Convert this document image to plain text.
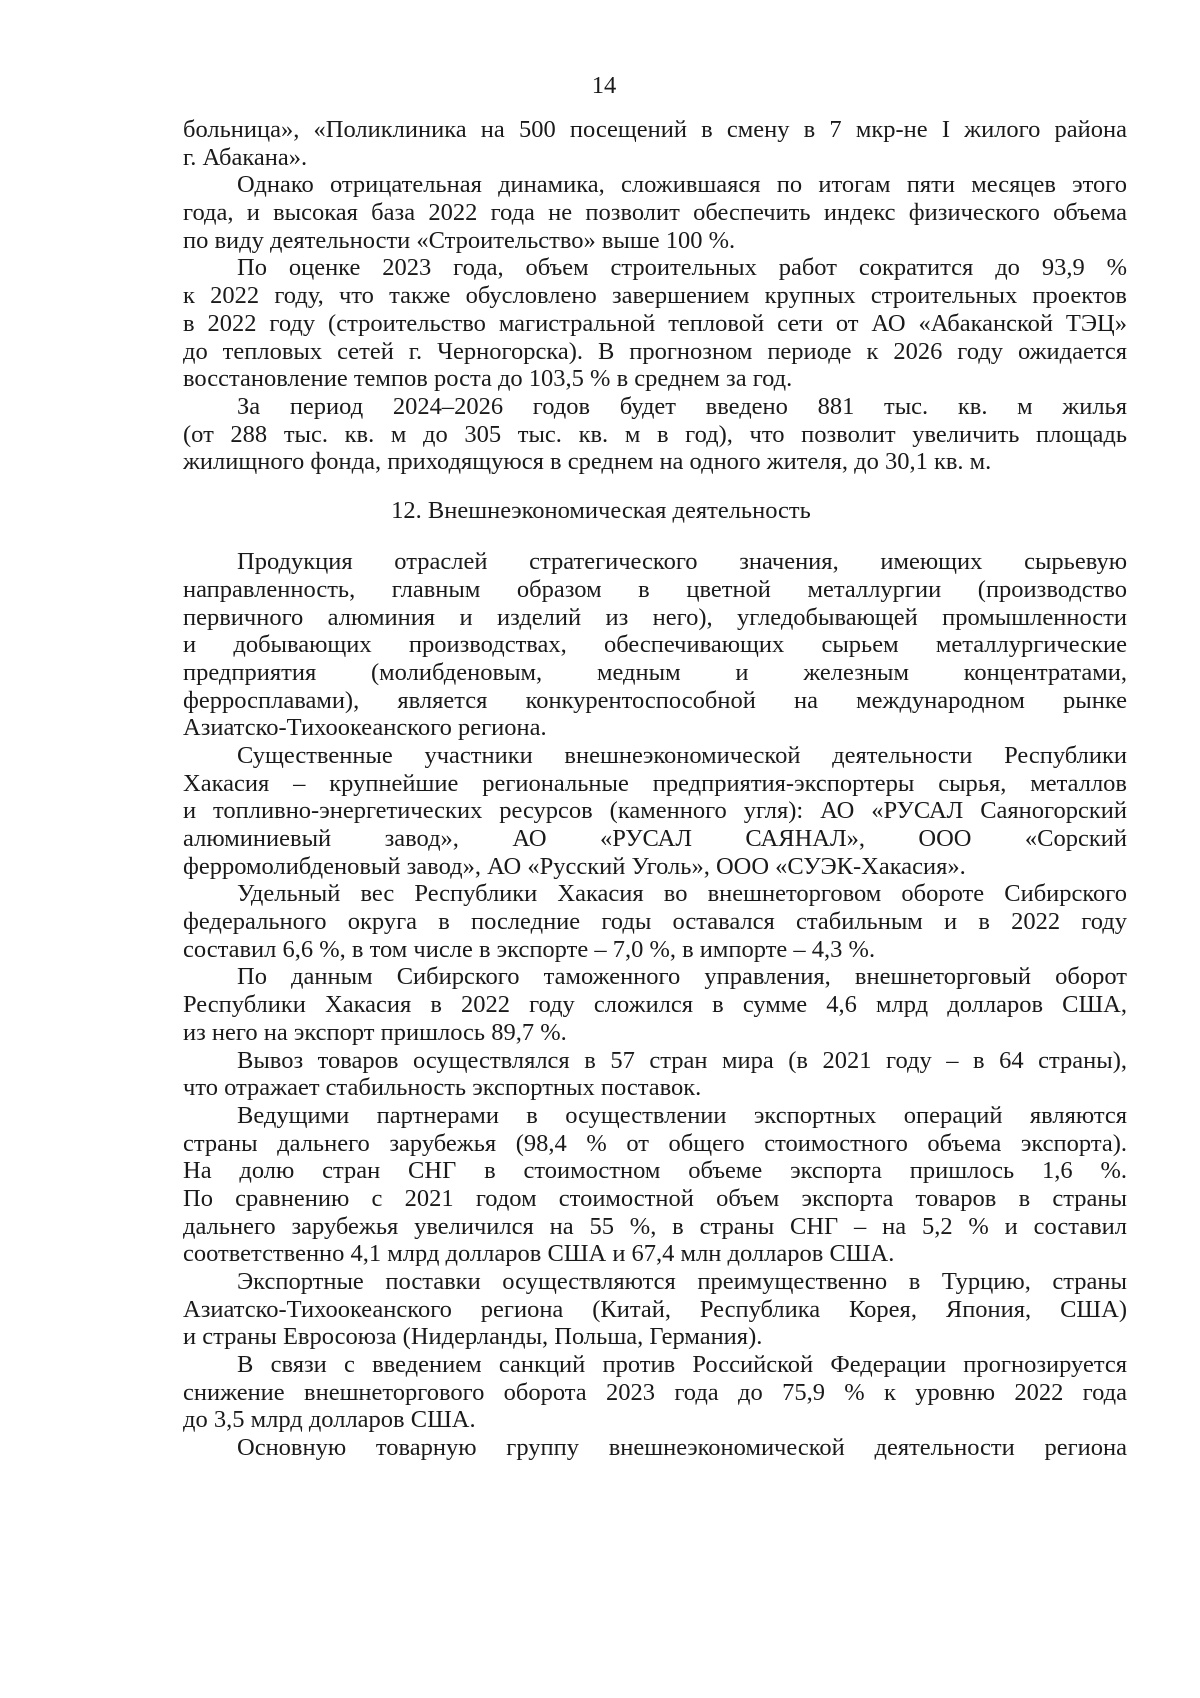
14
больница», «Поликлиника на 500 посещений в смену в 7 мкр-не I жилого района
г. Абакана».
Однако отрицательная динамика, сложившаяся по итогам пяти месяцев этого
года, и высокая база 2022 года не позволит обеспечить индекс физического объема
по виду деятельности «Строительство» выше 100 %.
По оценке 2023 года, объем строительных работ сократится до 93,9 %
к 2022 году, что также обусловлено завершением крупных строительных проектов
в 2022 году (строительство магистральной тепловой сети от АО «Абаканской ТЭЦ»
до тепловых сетей г. Черногорска). В прогнозном периоде к 2026 году ожидается
восстановление темпов роста до 103,5 % в среднем за год.
За период 2024–2026 годов будет введено 881 тыс. кв. м жилья
(от 288 тыс. кв. м до 305 тыс. кв. м в год), что позволит увеличить площадь
жилищного фонда, приходящуюся в среднем на одного жителя, до 30,1 кв. м.
12. Внешнеэкономическая деятельность
Продукция отраслей стратегического значения, имеющих сырьевую
направленность, главным образом в цветной металлургии (производство
первичного алюминия и изделий из него), угледобывающей промышленности
и добывающих производствах, обеспечивающих сырьем металлургические
предприятия (молибденовым, медным и железным концентратами,
ферросплавами), является конкурентоспособной на международном рынке
Азиатско-Тихоокеанского региона.
Существенные участники внешнеэкономической деятельности Республики
Хакасия – крупнейшие региональные предприятия-экспортеры сырья, металлов
и топливно-энергетических ресурсов (каменного угля): АО «РУСАЛ Саяногорский
алюминиевый завод», АО «РУСАЛ САЯНАЛ», ООО «Сорский
ферромолибденовый завод», АО «Русский Уголь», ООО «СУЭК-Хакасия».
Удельный вес Республики Хакасия во внешнеторговом обороте Сибирского
федерального округа в последние годы оставался стабильным и в 2022 году
составил 6,6 %, в том числе в экспорте – 7,0 %, в импорте – 4,3 %.
По данным Сибирского таможенного управления, внешнеторговый оборот
Республики Хакасия в 2022 году сложился в сумме 4,6 млрд долларов США,
из него на экспорт пришлось 89,7 %.
Вывоз товаров осуществлялся в 57 стран мира (в 2021 году – в 64 страны),
что отражает стабильность экспортных поставок.
Ведущими партнерами в осуществлении экспортных операций являются
страны дальнего зарубежья (98,4 % от общего стоимостного объема экспорта).
На долю стран СНГ в стоимостном объеме экспорта пришлось 1,6 %.
По сравнению с 2021 годом стоимостной объем экспорта товаров в страны
дальнего зарубежья увеличился на 55 %, в страны СНГ – на 5,2 % и составил
соответственно 4,1 млрд долларов США и 67,4 млн долларов США.
Экспортные поставки осуществляются преимущественно в Турцию, страны
Азиатско-Тихоокеанского региона (Китай, Республика Корея, Япония, США)
и страны Евросоюза (Нидерланды, Польша, Германия).
В связи с введением санкций против Российской Федерации прогнозируется
снижение внешнеторгового оборота 2023 года до 75,9 % к уровню 2022 года
до 3,5 млрд долларов США.
Основную товарную группу внешнеэкономической деятельности региона
